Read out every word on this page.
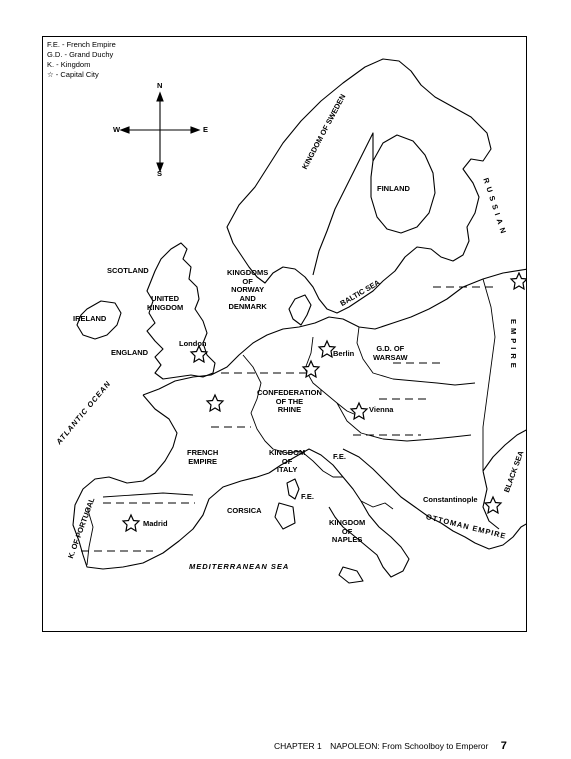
F.E. - French Empire
G.D. - Grand Duchy
K. - Kingdom
☆ - Capital City
N
S
W	E
SCOTLAND
UNITED
KINGDOM
IRELAND
ENGLAND
KINGDOMS
OF
NORWAY
AND
DENMARK
KINGDOM OF SWEDEN
FINLAND
BALTIC SEA
RUSSIAN
EMPIRE
G.D. OF
WARSAW
CONFEDERATION
OF THE
RHINE
FRENCH
EMPIRE
KINGDOM
OF
ITALY
F.E.
F.E.
CORSICA
KINGDOM
OF
NAPLES
K. OF PORTUGAL
ATLANTIC OCEAN
MEDITERRANEAN SEA
BLACK SEA
OTTOMAN EMPIRE
London
Berlin
Vienna
Madrid
Constantinople
CHAPTER 1 NAPOLEON: From Schoolboy to Emperor 7
